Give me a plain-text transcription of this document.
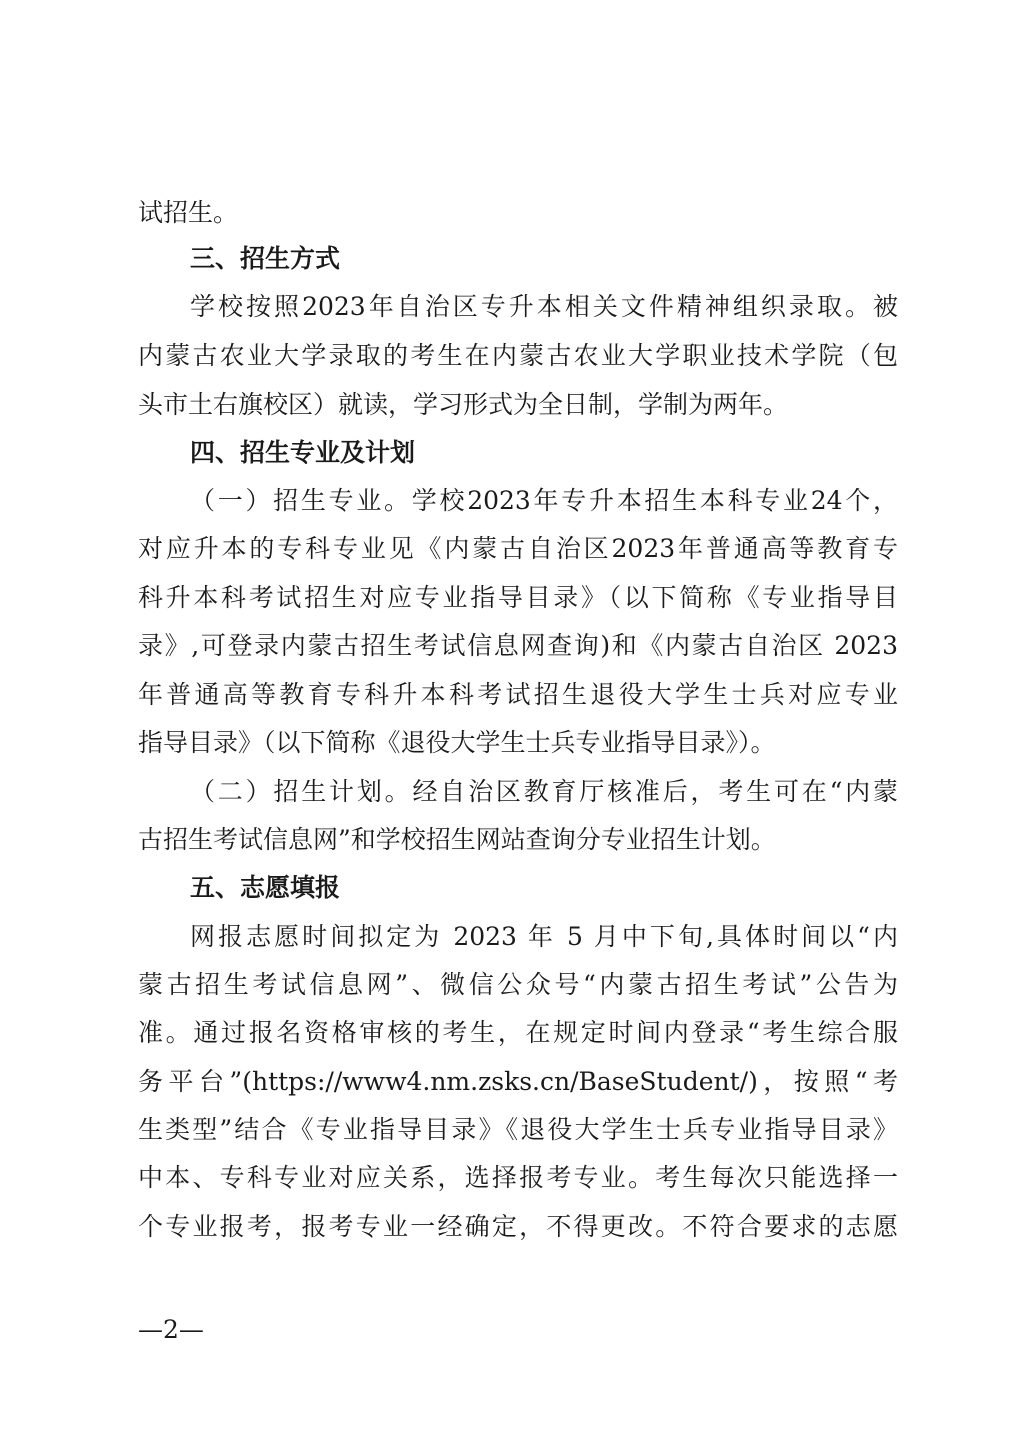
试招生。
三、招生方式
学校按照2023年自治区专升本相关文件精神组织录取。被
内蒙古农业大学录取的考生在内蒙古农业大学职业技术学院（包
头市土右旗校区）就读，学习形式为全日制，学制为两年。
四、招生专业及计划
（一）招生专业。学校2023年专升本招生本科专业24个，
对应升本的专科专业见《内蒙古自治区2023年普通高等教育专
科升本科考试招生对应专业指导目录》（以下简称《专业指导目
录》,可登录内蒙古招生考试信息网查询)和《内蒙古自治区 2023
年普通高等教育专科升本科考试招生退役大学生士兵对应专业
指导目录》（以下简称《退役大学生士兵专业指导目录》）。
（二）招生计划。经自治区教育厅核准后，考生可在“内蒙
古招生考试信息网”和学校招生网站查询分专业招生计划。
五、志愿填报
网报志愿时间拟定为 2023 年 5 月中下旬,具体时间以“内
蒙古招生考试信息网”、微信公众号“内蒙古招生考试”公告为
准。通过报名资格审核的考生，在规定时间内登录“考生综合服
务平台”(https://www4.nm.zsks.cn/BaseStudent/)，按照“考
生类型”结合《专业指导目录》《退役大学生士兵专业指导目录》
中本、专科专业对应关系，选择报考专业。考生每次只能选择一
个专业报考，报考专业一经确定，不得更改。不符合要求的志愿
—2—
